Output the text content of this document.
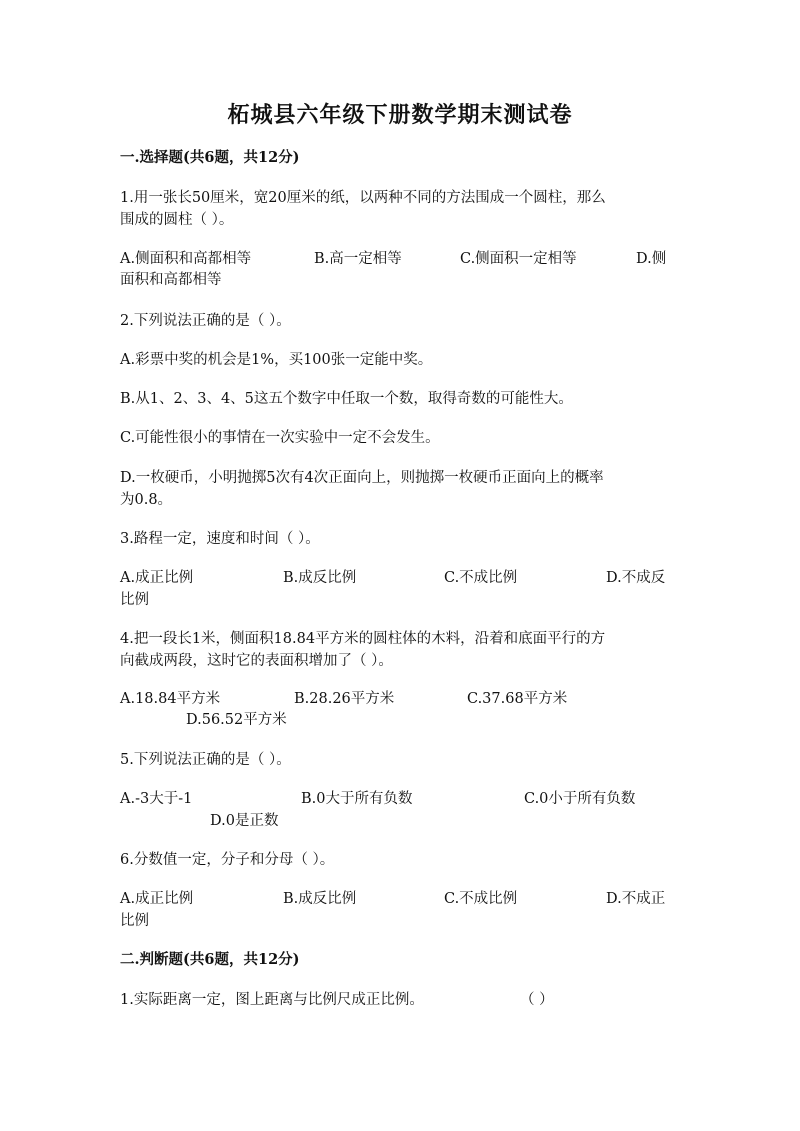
柘城县六年级下册数学期末测试卷
一.选择题(共6题，共12分)
1.用一张长50厘米，宽20厘米的纸，以两种不同的方法围成一个圆柱，那么
围成的圆柱（ ）。
A.侧面积和高都相等	B.高一定相等	C.侧面积一定相等	D.侧
面积和高都相等
2.下列说法正确的是（ ）。
A.彩票中奖的机会是1%，买100张一定能中奖。
B.从1、2、3、4、5这五个数字中任取一个数，取得奇数的可能性大。
C.可能性很小的事情在一次实验中一定不会发生。
D.一枚硬币，小明抛掷5次有4次正面向上，则抛掷一枚硬币正面向上的概率
为0.8。
3.路程一定，速度和时间（ ）。
A.成正比例	B.成反比例	C.不成比例	D.不成反
比例
4.把一段长1米，侧面积18.84平方米的圆柱体的木料，沿着和底面平行的方
向截成两段，这时它的表面积增加了（ ）。
A.18.84平方米	B.28.26平方米	C.37.68平方米
D.56.52平方米
5.下列说法正确的是（ ）。
A.-3大于-1	B.0大于所有负数	C.0小于所有负数
D.0是正数
6.分数值一定，分子和分母（ ）。
A.成正比例	B.成反比例	C.不成比例	D.不成正
比例
二.判断题(共6题，共12分)
1.实际距离一定，图上距离与比例尺成正比例。	（ ）
